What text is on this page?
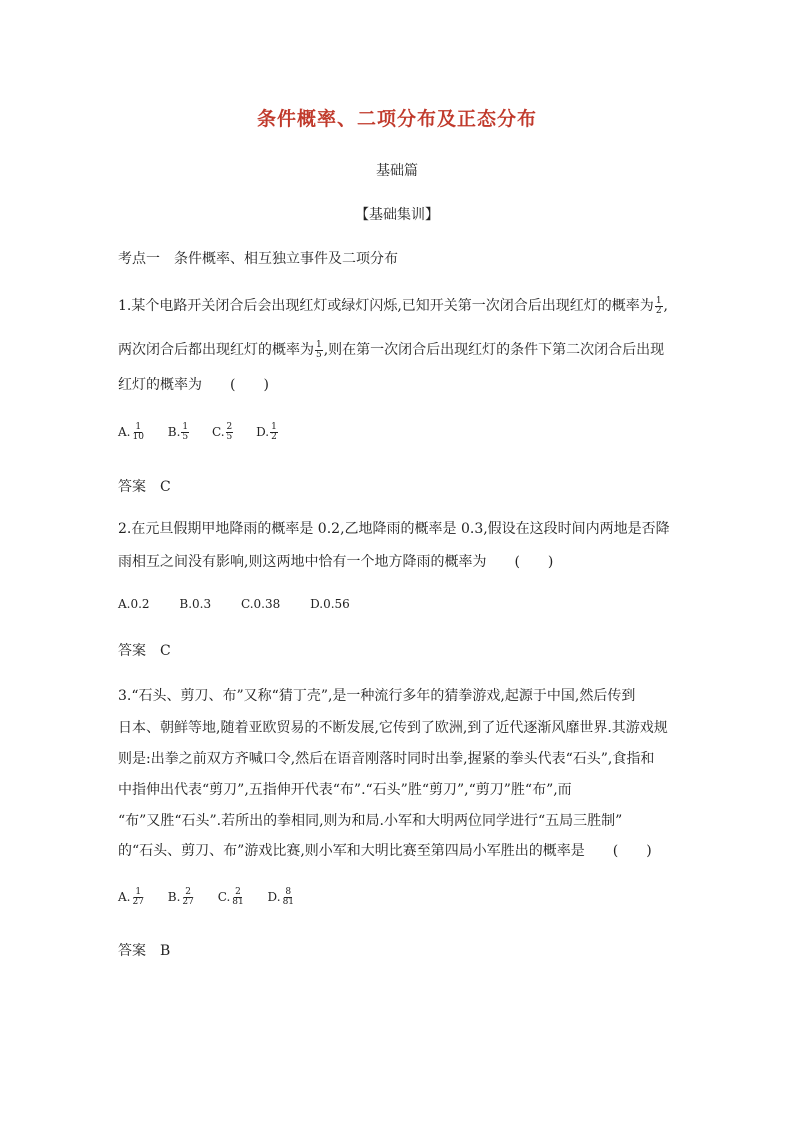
条件概率、二项分布及正态分布
基础篇
【基础集训】
考点一　条件概率、相互独立事件及二项分布
1.某个电路开关闭合后会出现红灯或绿灯闪烁,已知开关第一次闭合后出现红灯的概率为 $\frac{1}{2}$ ,
两次闭合后都出现红灯的概率为 $\frac{1}{5}$ ,则在第一次闭合后出现红灯的条件下第二次闭合后出现
红灯的概率为　　(　　)
A. $\frac{1}{10} B$. $\frac{1}{5} C$. $\frac{2}{5} D$. $\frac{1}{2}$
答案　C
2.在元旦假期甲地降雨的概率是 0.2,乙地降雨的概率是 0.3,假设在这段时间内两地是否降
雨相互之间没有影响,则这两地中恰有一个地方降雨的概率为　　(　　)
A.0.2 B.0.3 C.0.38 D.0.56
答案　C
3.“石头、剪刀、布”又称“猜丁壳”,是一种流行多年的猜拳游戏,起源于中国,然后传到
日本、朝鲜等地,随着亚欧贸易的不断发展,它传到了欧洲,到了近代逐渐风靡世界.其游戏规
则是:出拳之前双方齐喊口令,然后在语音刚落时同时出拳,握紧的拳头代表“石头”,食指和
中指伸出代表“剪刀”,五指伸开代表“布”.“石头”胜“剪刀”,“剪刀”胜“布”,而
“布”又胜“石头”.若所出的拳相同,则为和局.小军和大明两位同学进行“五局三胜制”
的“石头、剪刀、布”游戏比赛,则小军和大明比赛至第四局小军胜出的概率是　　(　　)
A. $\frac{1}{27} B$. $\frac{2}{27} C$. $\frac{2}{81} D$. $\frac{8}{81}$
答案　B
